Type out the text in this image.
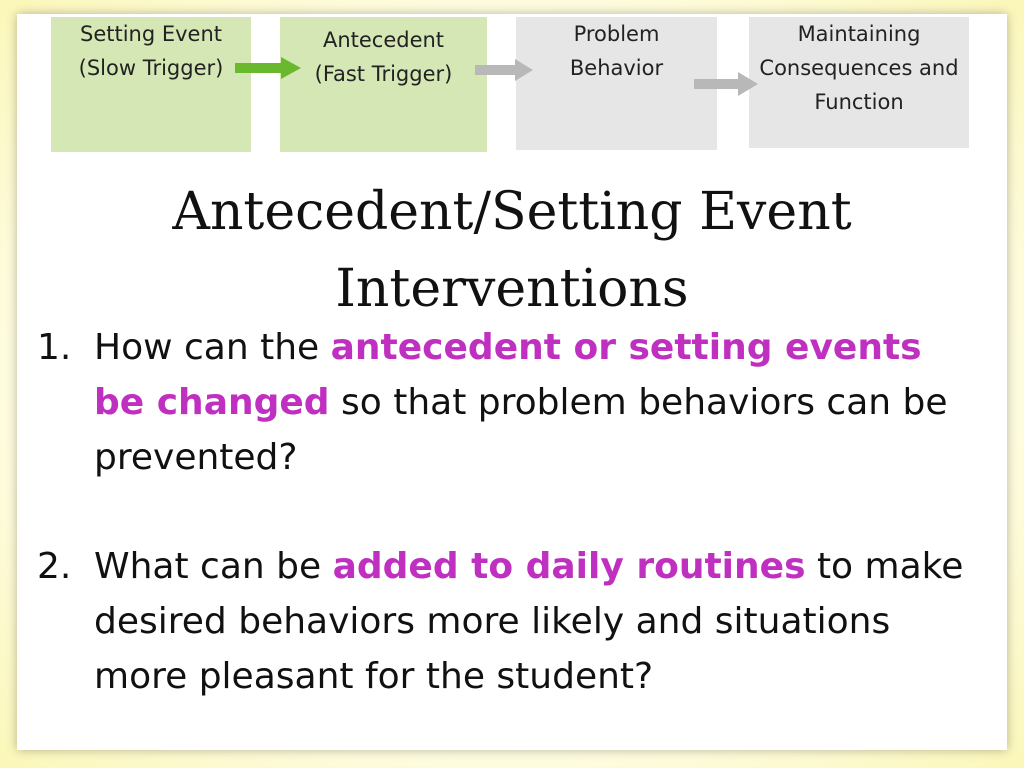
Setting Event
(Slow Trigger)
Antecedent
(Fast Trigger)
Problem
Behavior
Maintaining
Consequences and
Function
Antecedent/Setting Event
Interventions
1. How can the antecedent or setting events be changed so that problem behaviors can be prevented?
2. What can be added to daily routines to make desired behaviors more likely and situations more pleasant for the student?
